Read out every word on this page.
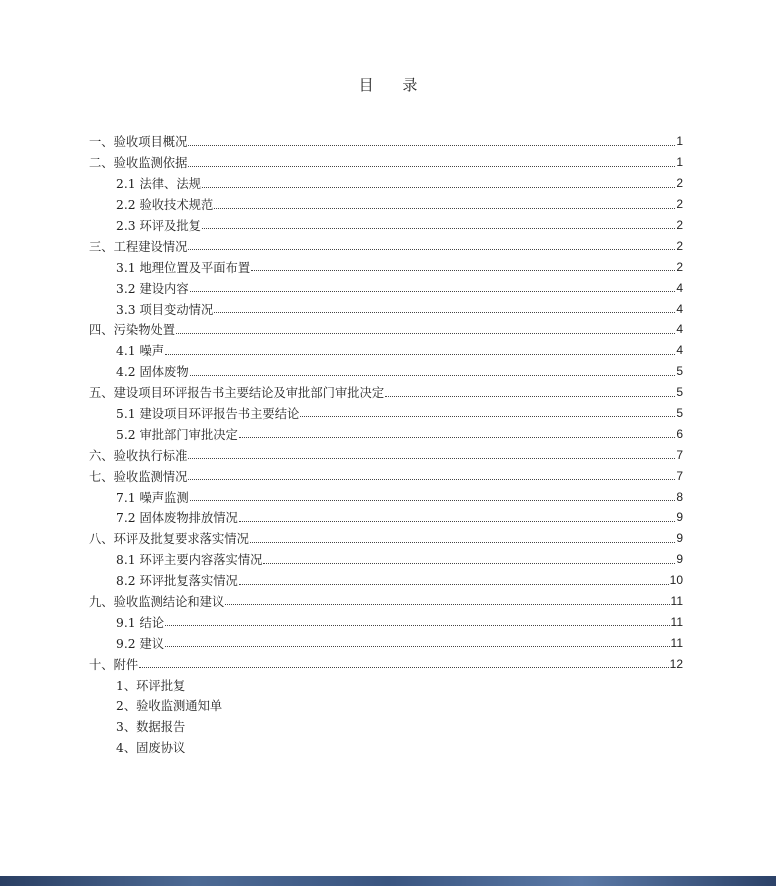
目 录
一、验收项目概况	1
二、验收监测依据	1
2.1 法律、法规	2
2.2 验收技术规范	2
2.3 环评及批复	2
三、工程建设情况	2
3.1 地理位置及平面布置	2
3.2 建设内容	4
3.3 项目变动情况	4
四、污染物处置	4
4.1 噪声	4
4.2 固体废物	5
五、建设项目环评报告书主要结论及审批部门审批决定	5
5.1 建设项目环评报告书主要结论	5
5.2 审批部门审批决定	6
六、验收执行标准	7
七、验收监测情况	7
7.1 噪声监测	8
7.2 固体废物排放情况	9
八、环评及批复要求落实情况	9
8.1 环评主要内容落实情况	9
8.2 环评批复落实情况	10
九、验收监测结论和建议	11
9.1 结论	11
9.2 建议	11
十、附件	12
1、环评批复
2、验收监测通知单
3、数据报告
4、固废协议
